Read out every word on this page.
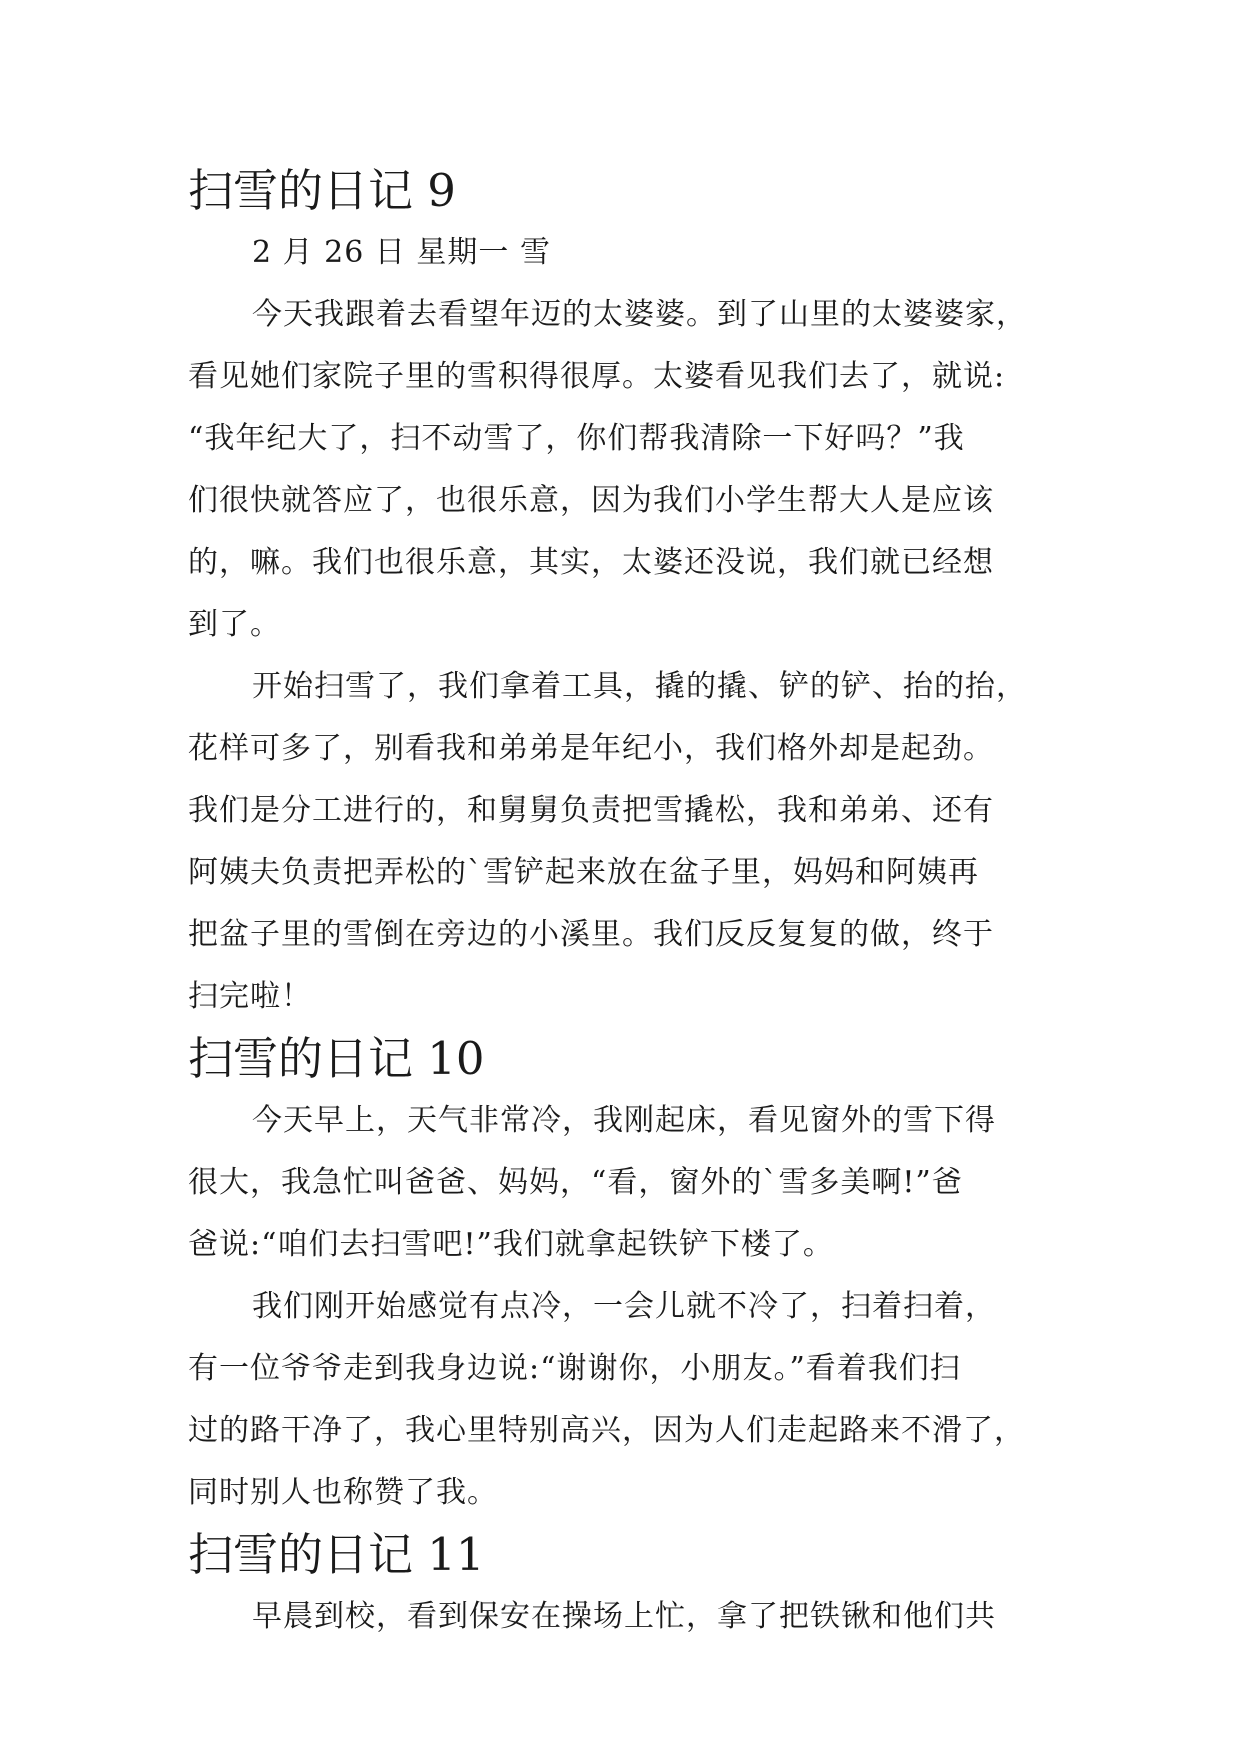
扫雪的日记 9

2 月 26 日 星期一 雪

今天我跟着去看望年迈的太婆婆。到了山里的太婆婆家，
看见她们家院子里的雪积得很厚。太婆看见我们去了，就说:
“我年纪大了，扫不动雪了，你们帮我清除一下好吗？”我
们很快就答应了，也很乐意，因为我们小学生帮大人是应该
的，嘛。我们也很乐意，其实，太婆还没说，我们就已经想
到了。
开始扫雪了，我们拿着工具，撬的撬、铲的铲、抬的抬，
花样可多了，别看我和弟弟是年纪小，我们格外却是起劲。
我们是分工进行的，和舅舅负责把雪撬松，我和弟弟、还有
阿姨夫负责把弄松的`雪铲起来放在盆子里，妈妈和阿姨再
把盆子里的雪倒在旁边的小溪里。我们反反复复的做，终于
扫完啦！
扫雪的日记 10
今天早上，天气非常冷，我刚起床，看见窗外的雪下得
很大，我急忙叫爸爸、妈妈，“看，窗外的`雪多美啊!”爸
爸说:“咱们去扫雪吧!”我们就拿起铁铲下楼了。
我们刚开始感觉有点冷，一会儿就不冷了，扫着扫着，
有一位爷爷走到我身边说:“谢谢你，小朋友。”看着我们扫
过的路干净了，我心里特别高兴，因为人们走起路来不滑了，
同时别人也称赞了我。
扫雪的日记 11
早晨到校，看到保安在操场上忙，拿了把铁锹和他们共
